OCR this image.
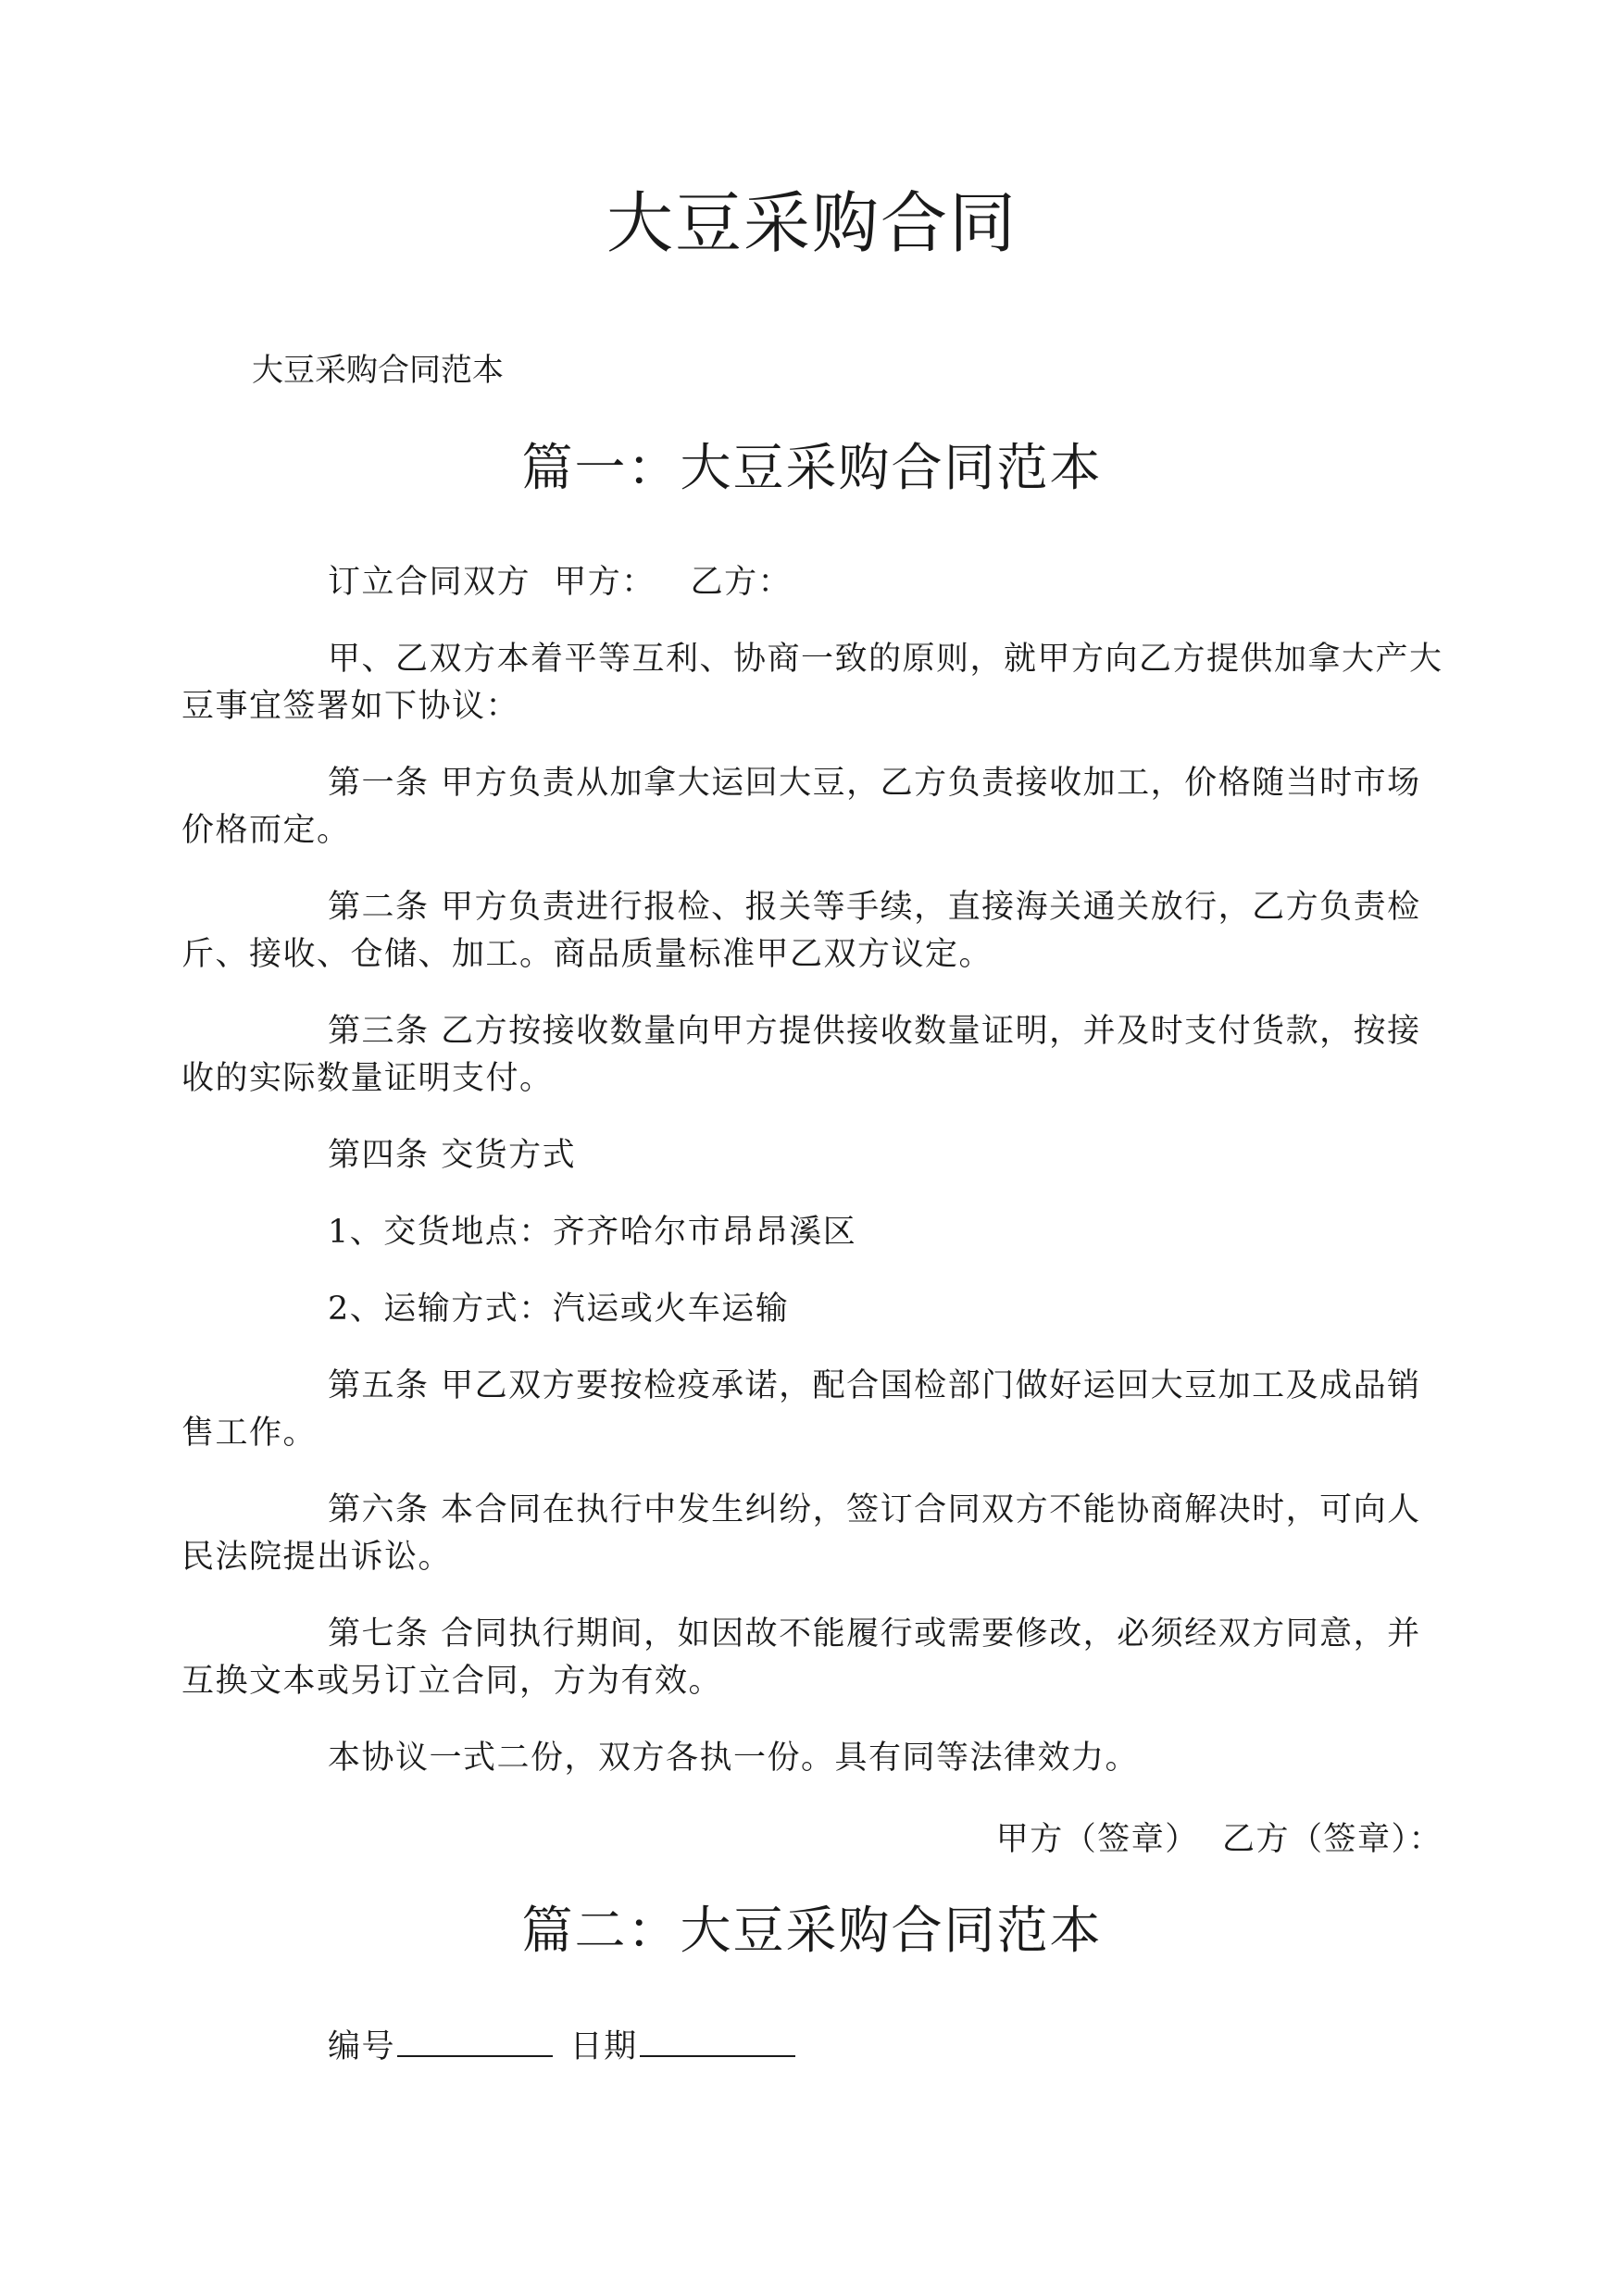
大豆采购合同
大豆采购合同范本
篇一：大豆采购合同范本

订立合同双方  甲方：   乙方：

甲、乙双方本着平等互利、协商一致的原则，就甲方向乙方提供加拿大产大豆事宜签署如下协议：

第一条 甲方负责从加拿大运回大豆，乙方负责接收加工，价格随当时市场价格而定。

第二条 甲方负责进行报检、报关等手续，直接海关通关放行，乙方负责检斤、接收、仓储、加工。商品质量标准甲乙双方议定。

第三条 乙方按接收数量向甲方提供接收数量证明，并及时支付货款，按接收的实际数量证明支付。

第四条 交货方式

1、交货地点：齐齐哈尔市昂昂溪区

2、运输方式：汽运或火车运输

第五条 甲乙双方要按检疫承诺，配合国检部门做好运回大豆加工及成品销售工作。

第六条 本合同在执行中发生纠纷，签订合同双方不能协商解决时，可向人民法院提出诉讼。

第七条 合同执行期间，如因故不能履行或需要修改，必须经双方同意，并互换文本或另订立合同，方为有效。

本协议一式二份，双方各执一份。具有同等法律效力。

甲方（签章）  乙方（签章）：
篇二：大豆采购合同范本

编号	日期
